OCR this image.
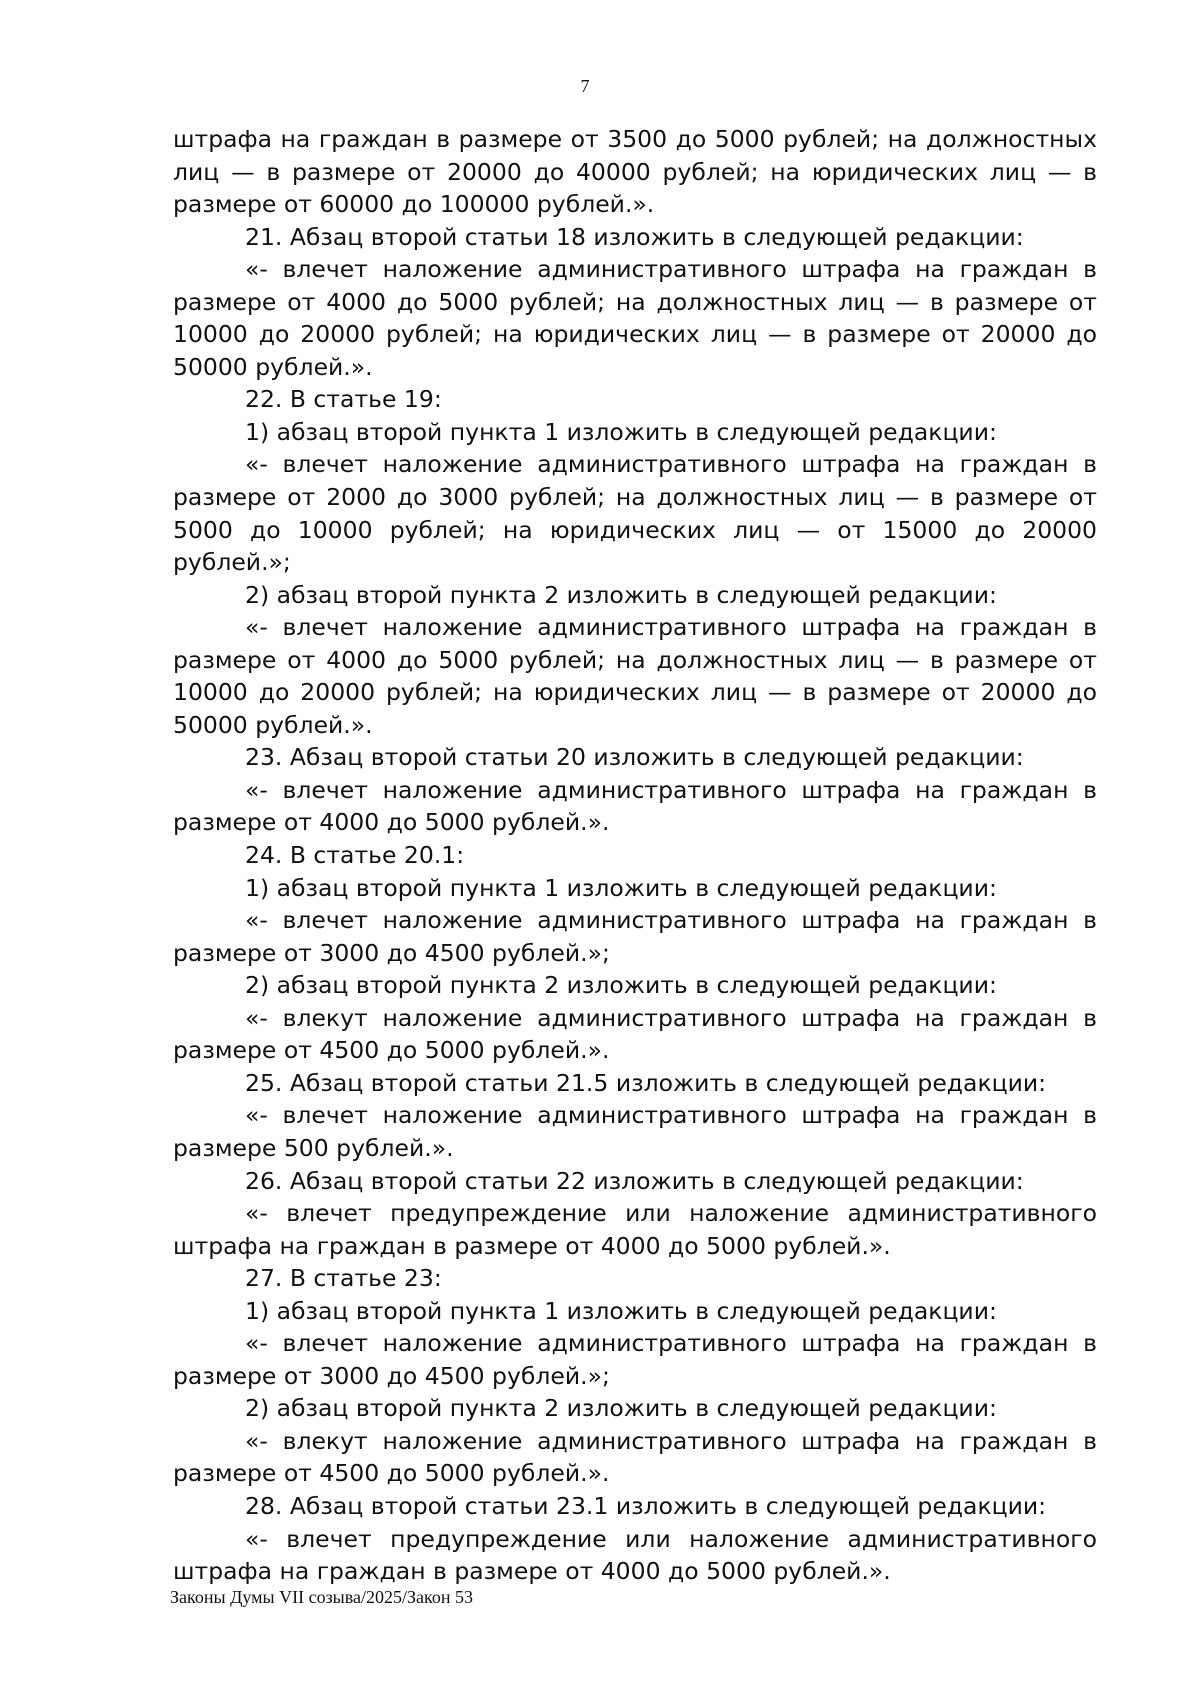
7

штрафа на граждан в размере от 3500 до 5000 рублей; на должностных лиц — в размере от 20000 до 40000 рублей; на юридических лиц — в размере от 60000 до 100000 рублей.».

21. Абзац второй статьи 18 изложить в следующей редакции:

«- влечет наложение административного штрафа на граждан в размере от 4000 до 5000 рублей; на должностных лиц — в размере от 10000 до 20000 рублей; на юридических лиц — в размере от 20000 до 50000 рублей.».

22. В статье 19:

1) абзац второй пункта 1 изложить в следующей редакции:

«- влечет наложение административного штрафа на граждан в размере от 2000 до 3000 рублей; на должностных лиц — в размере от 5000 до 10000 рублей; на юридических лиц — от 15000 до 20000 рублей.»;

2) абзац второй пункта 2 изложить в следующей редакции:

«- влечет наложение административного штрафа на граждан в размере от 4000 до 5000 рублей; на должностных лиц — в размере от 10000 до 20000 рублей; на юридических лиц — в размере от 20000 до 50000 рублей.».

23. Абзац второй статьи 20 изложить в следующей редакции:

«- влечет наложение административного штрафа на граждан в размере от 4000 до 5000 рублей.».

24. В статье 20.1:

1) абзац второй пункта 1 изложить в следующей редакции:

«- влечет наложение административного штрафа на граждан в размере от 3000 до 4500 рублей.»;

2) абзац второй пункта 2 изложить в следующей редакции:

«- влекут наложение административного штрафа на граждан в размере от 4500 до 5000 рублей.».

25. Абзац второй статьи 21.5 изложить в следующей редакции:

«- влечет наложение административного штрафа на граждан в размере 500 рублей.».

26. Абзац второй статьи 22 изложить в следующей редакции:

«- влечет предупреждение или наложение административного штрафа на граждан в размере от 4000 до 5000 рублей.».

27. В статье 23:

1) абзац второй пункта 1 изложить в следующей редакции:

«- влечет наложение административного штрафа на граждан в размере от 3000 до 4500 рублей.»;

2) абзац второй пункта 2 изложить в следующей редакции:

«- влекут наложение административного штрафа на граждан в размере от 4500 до 5000 рублей.».

28. Абзац второй статьи 23.1 изложить в следующей редакции:

«- влечет предупреждение или наложение административного штрафа на граждан в размере от 4000 до 5000 рублей.».

Законы Думы VII созыва/2025/Закон 53
